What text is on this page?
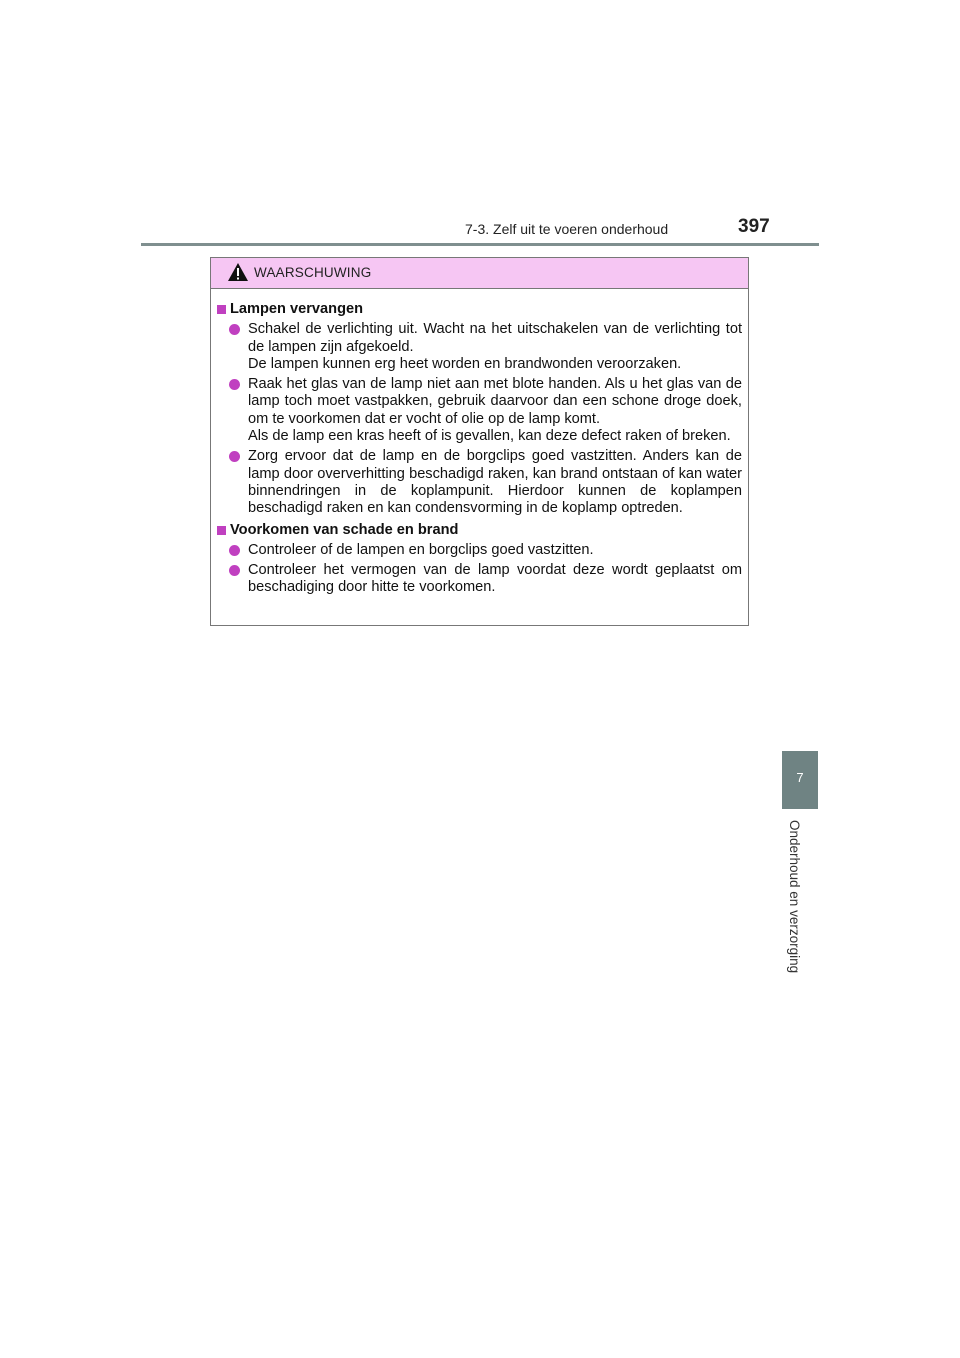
7-3. Zelf uit te voeren onderhoud	397
WAARSCHUWING
Lampen vervangen
Schakel de verlichting uit. Wacht na het uitschakelen van de verlichting tot de lampen zijn afgekoeld.
De lampen kunnen erg heet worden en brandwonden veroorzaken.
Raak het glas van de lamp niet aan met blote handen. Als u het glas van de lamp toch moet vastpakken, gebruik daarvoor dan een schone droge doek, om te voorkomen dat er vocht of olie op de lamp komt.
Als de lamp een kras heeft of is gevallen, kan deze defect raken of breken.
Zorg ervoor dat de lamp en de borgclips goed vastzitten. Anders kan de lamp door oververhitting beschadigd raken, kan brand ontstaan of kan water binnendringen in de koplampunit. Hierdoor kunnen de koplampen beschadigd raken en kan condensvorming in de koplamp optreden.
Voorkomen van schade en brand
Controleer of de lampen en borgclips goed vastzitten.
Controleer het vermogen van de lamp voordat deze wordt geplaatst om beschadiging door hitte te voorkomen.
7
Onderhoud en verzorging
